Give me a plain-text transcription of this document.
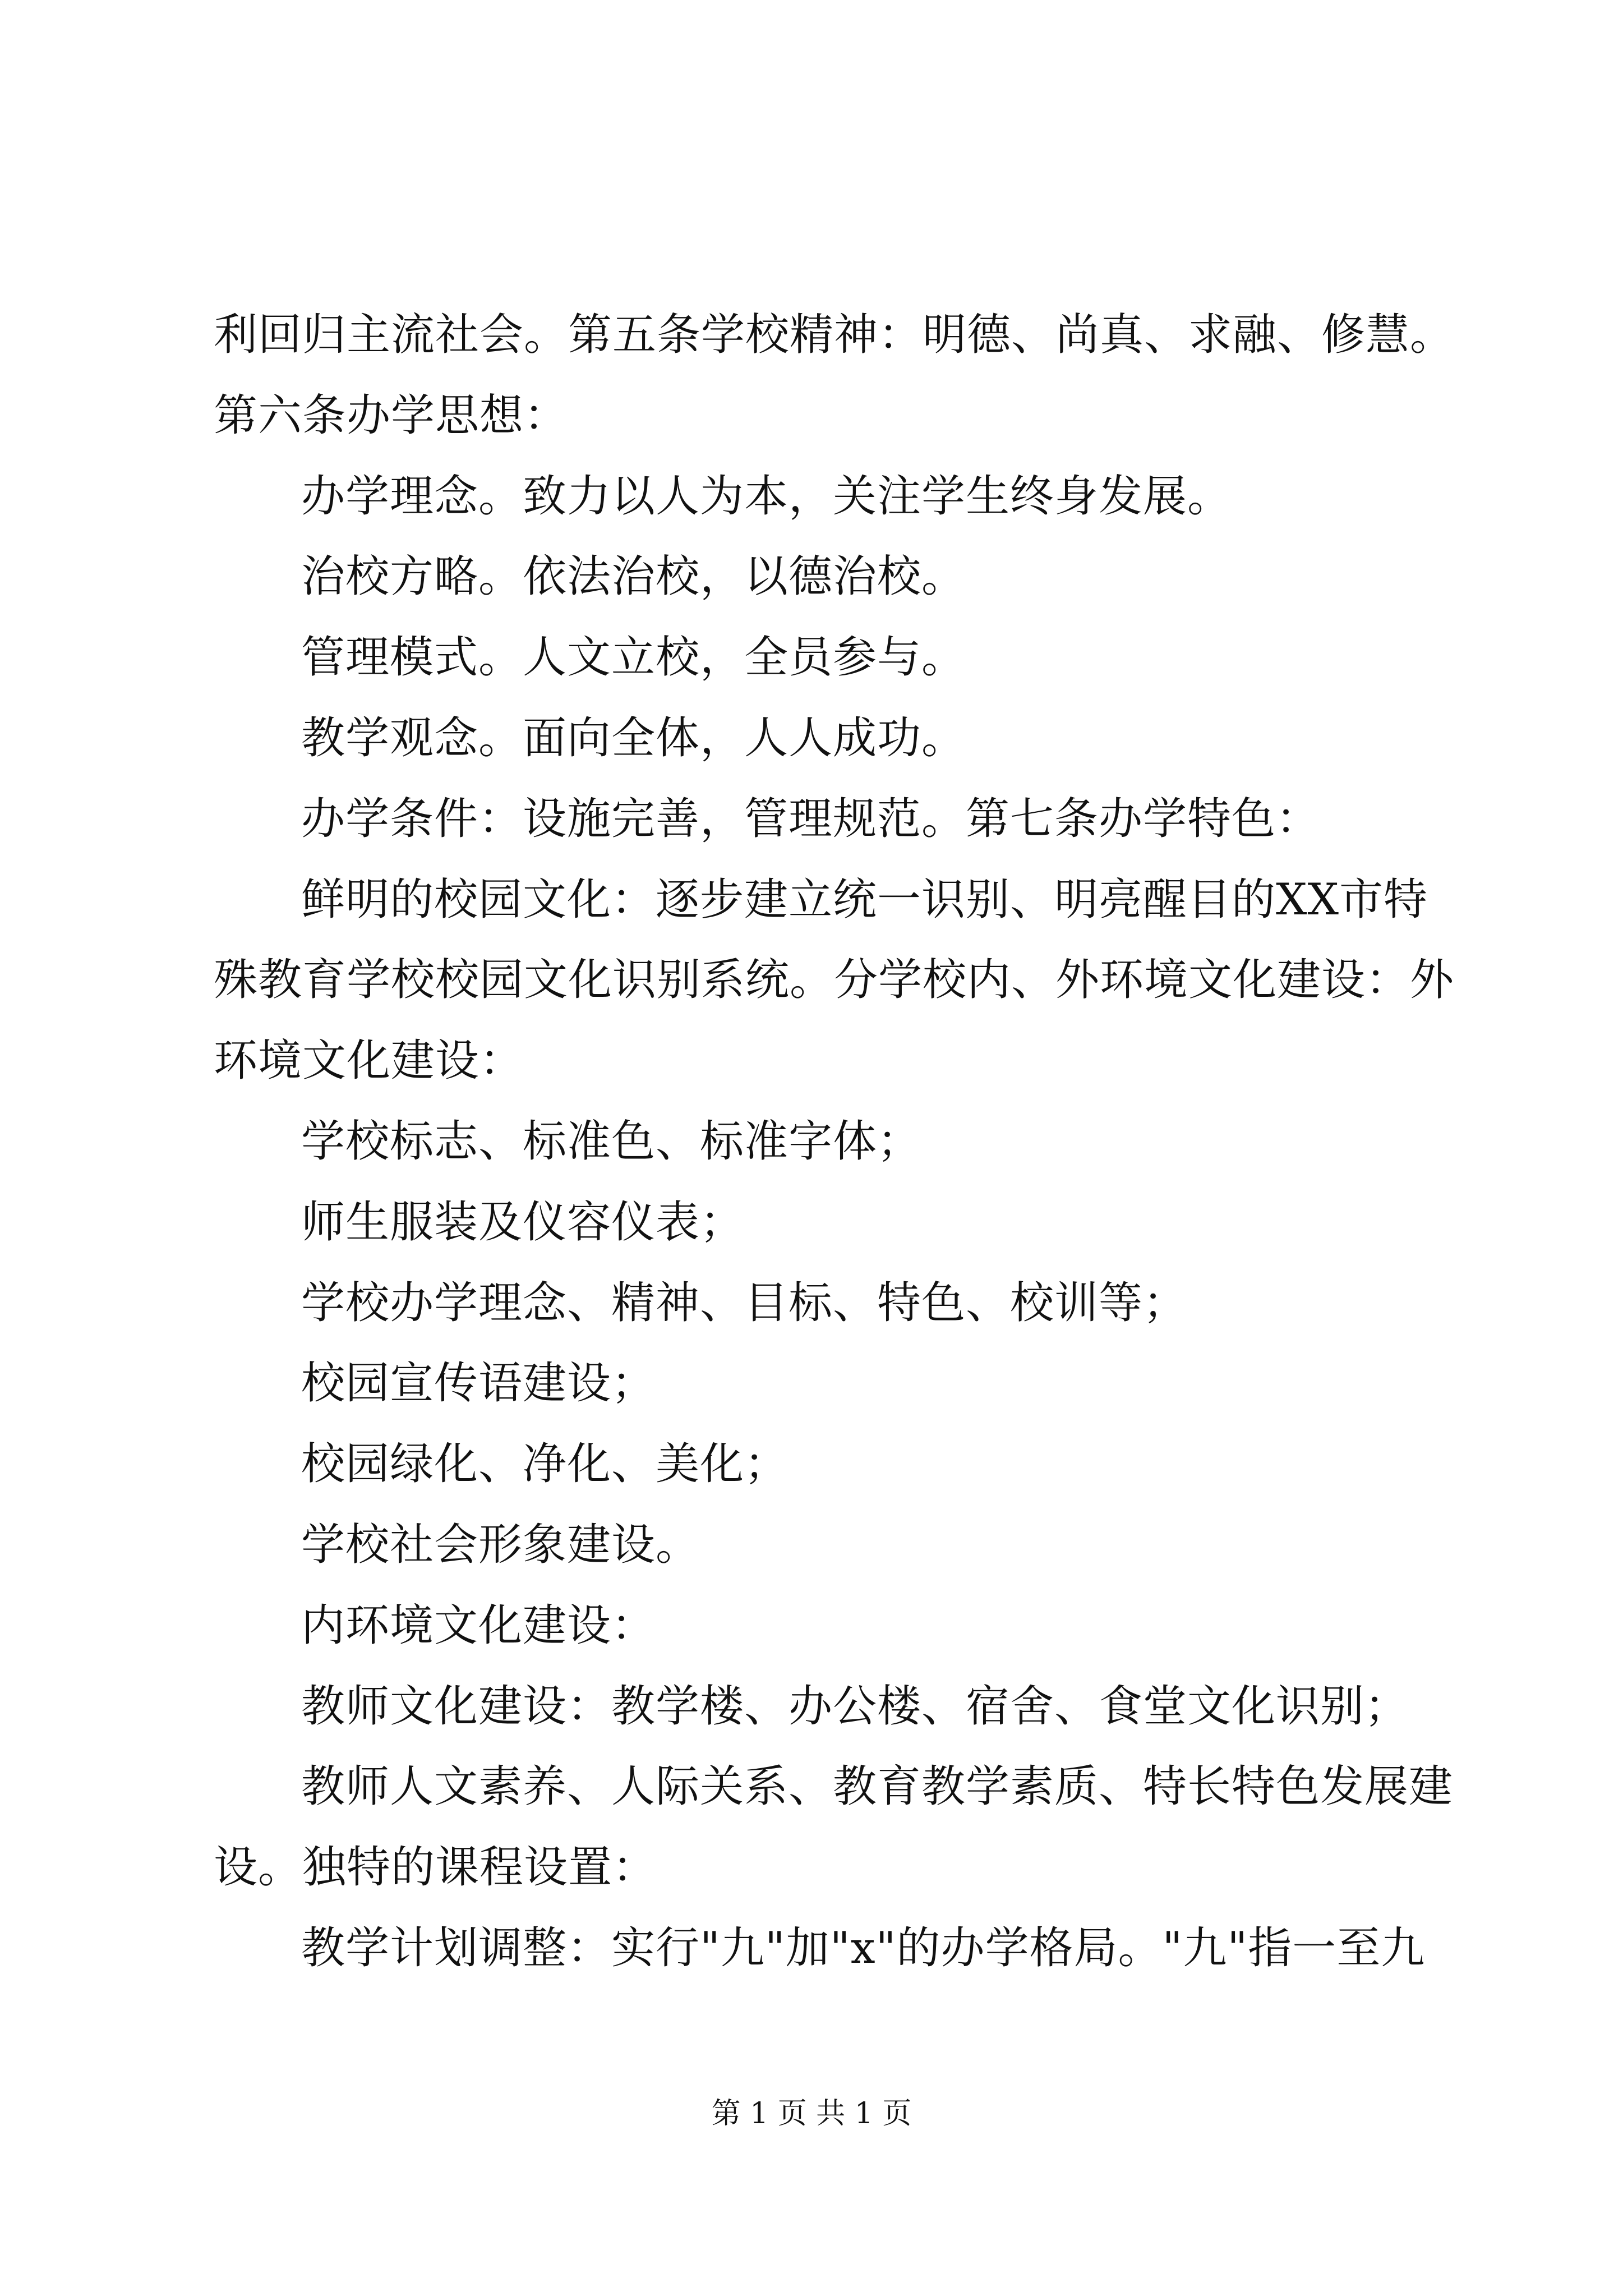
利回归主流社会。第五条学校精神：明德、尚真、求融、修慧。
第六条办学思想：
办学理念。致力以人为本，关注学生终身发展。
治校方略。依法治校，以德治校。
管理模式。人文立校，全员参与。
教学观念。面向全体，人人成功。
办学条件：设施完善，管理规范。第七条办学特色：
鲜明的校园文化：逐步建立统一识别、明亮醒目的XX市特
殊教育学校校园文化识别系统。分学校内、外环境文化建设：外
环境文化建设：
学校标志、标准色、标准字体；
师生服装及仪容仪表；
学校办学理念、精神、目标、特色、校训等；
校园宣传语建设；
校园绿化、净化、美化；
学校社会形象建设。
内环境文化建设：
教师文化建设：教学楼、办公楼、宿舍、食堂文化识别；
教师人文素养、人际关系、教育教学素质、特长特色发展建
设。独特的课程设置：
教学计划调整：实行"九"加"x"的办学格局。"九"指一至九
第 1 页 共 1 页
